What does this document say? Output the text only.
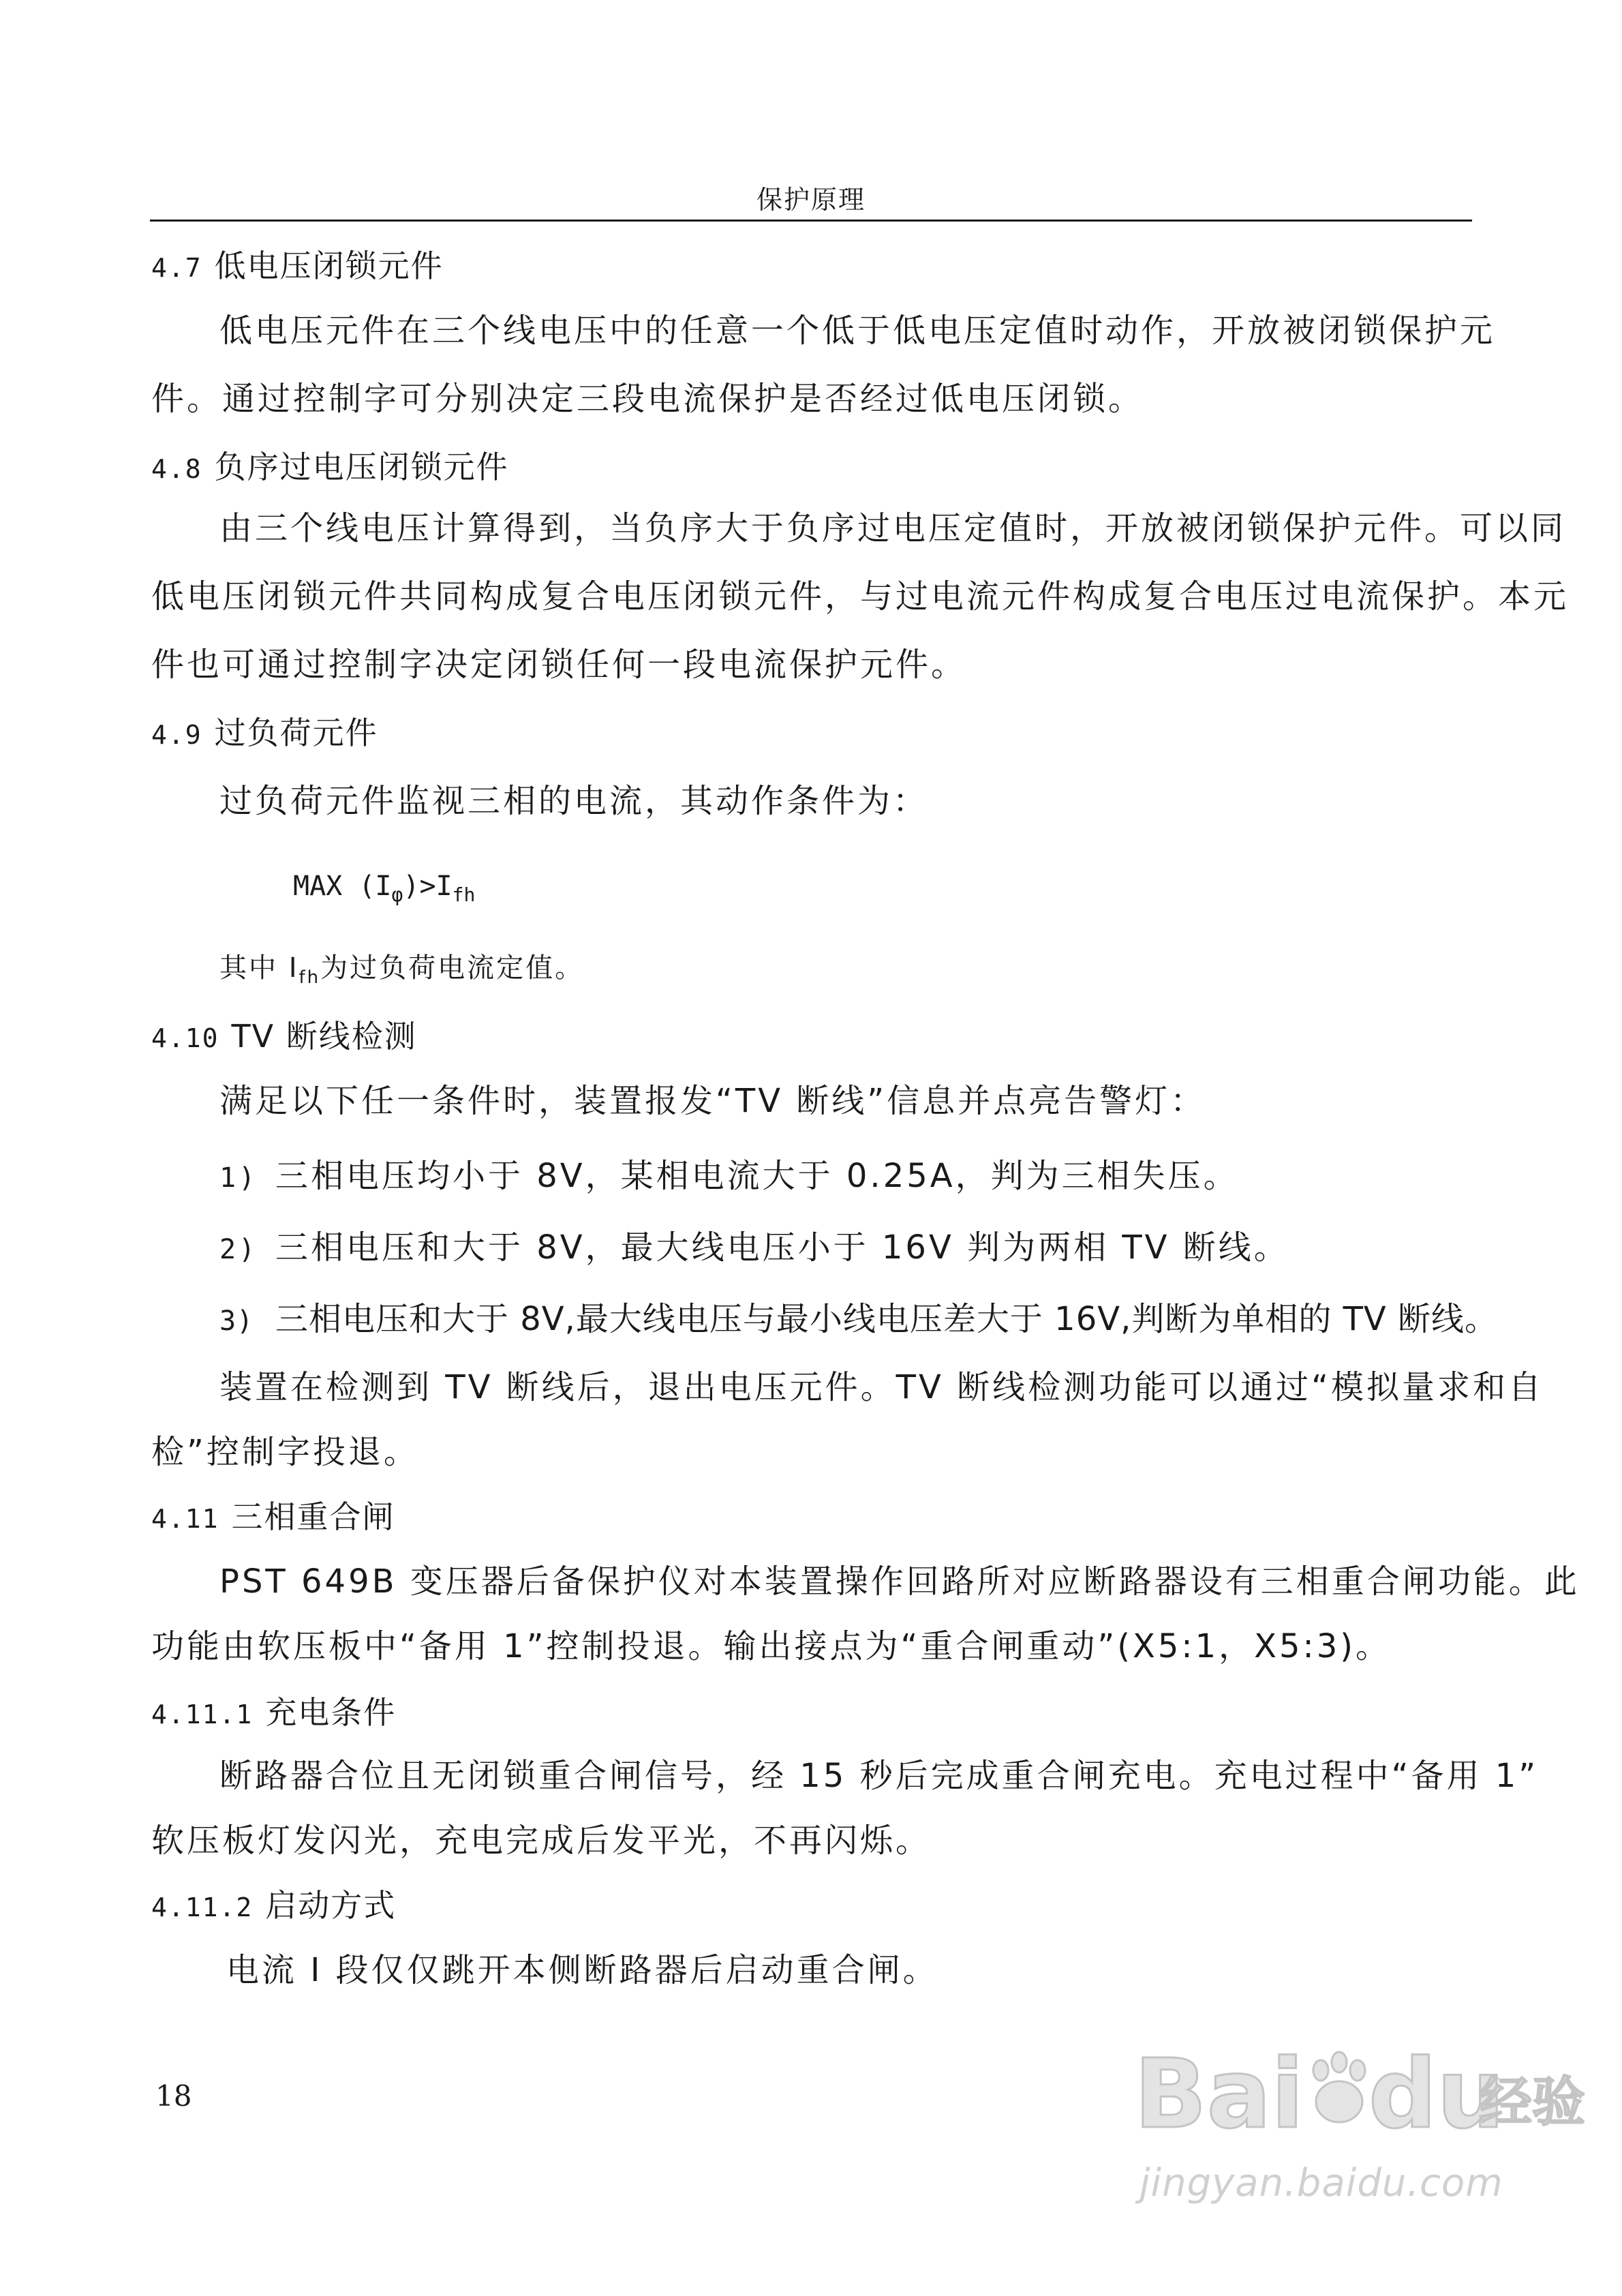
保护原理
4.7 低电压闭锁元件
低电压元件在三个线电压中的任意一个低于低电压定值时动作，开放被闭锁保护元
件。通过控制字可分别决定三段电流保护是否经过低电压闭锁。
4.8 负序过电压闭锁元件
由三个线电压计算得到，当负序大于负序过电压定值时，开放被闭锁保护元件。可以同
低电压闭锁元件共同构成复合电压闭锁元件，与过电流元件构成复合电压过电流保护。本元
件也可通过控制字决定闭锁任何一段电流保护元件。
4.9 过负荷元件
过负荷元件监视三相的电流，其动作条件为：
MAX $(I_\varphi)>I_{fh}$
其中 $I_{fh}$为过负荷电流定值。
4.10 TV 断线检测
满足以下任一条件时，装置报发“TV 断线”信息并点亮告警灯：
1) 三相电压均小于 8V，某相电流大于 0.25A，判为三相失压。
2) 三相电压和大于 8V，最大线电压小于 16V 判为两相 TV 断线。
3) 三相电压和大于 8V,最大线电压与最小线电压差大于 16V,判断为单相的 TV 断线。
装置在检测到 TV 断线后，退出电压元件。TV 断线检测功能可以通过“模拟量求和自
检”控制字投退。
4.11 三相重合闸
PST 649B 变压器后备保护仪对本装置操作回路所对应断路器设有三相重合闸功能。此
功能由软压板中“备用 1”控制投退。输出接点为“重合闸重动”(X5:1，X5:3)。
4.11.1 充电条件
断路器合位且无闭锁重合闸信号，经 15 秒后完成重合闸充电。充电过程中“备用 1”
软压板灯发闪光，充电完成后发平光，不再闪烁。
4.11.2 启动方式
电流 I 段仅仅跳开本侧断路器后启动重合闸。
18	Bai du
经验
jingyan.baidu.com
